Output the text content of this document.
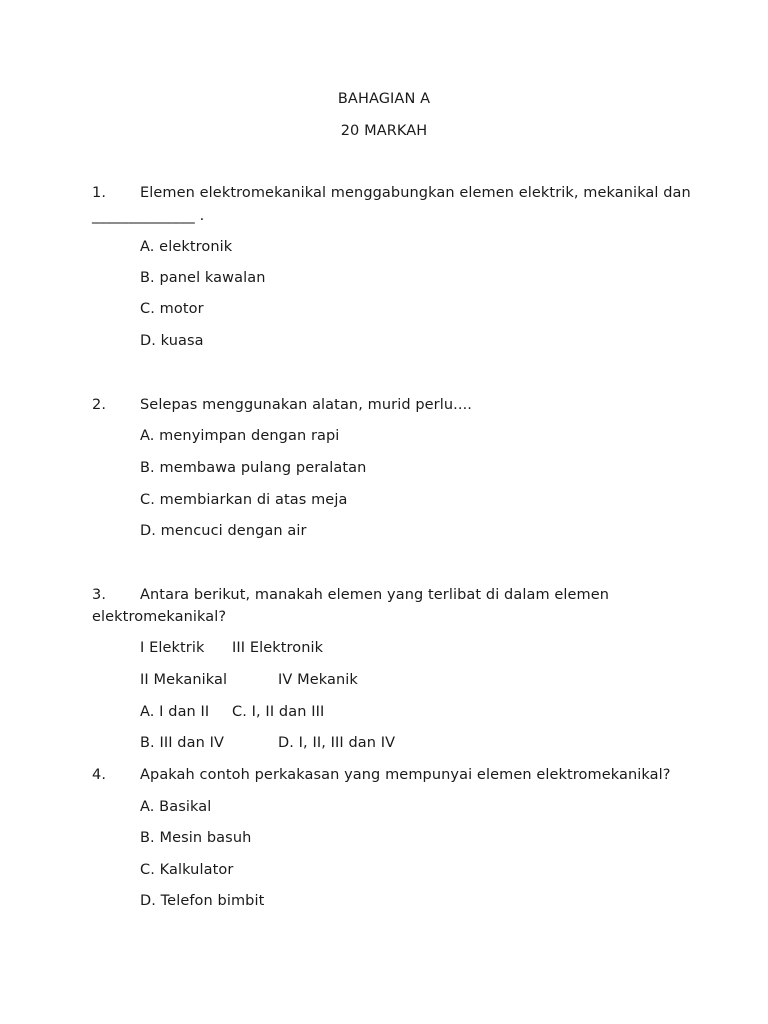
BAHAGIAN A
20 MARKAH
1. Elemen elektromekanikal menggabungkan elemen elektrik, mekanikal dan
______________ .
A. elektronik
B. panel kawalan
C. motor
D. kuasa
2. Selepas menggunakan alatan, murid perlu....
A. menyimpan dengan rapi
B. membawa pulang peralatan
C. membiarkan di atas meja
D. mencuci dengan air
3. Antara berikut, manakah elemen yang terlibat di dalam elemen
elektromekanikal?
I Elektrik III Elektronik
II Mekanikal	IV Mekanik
A. I dan II C. I, II dan III
B. III dan IV	D. I, II, III dan IV
4. Apakah contoh perkakasan yang mempunyai elemen elektromekanikal?
A. Basikal
B. Mesin basuh
C. Kalkulator
D. Telefon bimbit
